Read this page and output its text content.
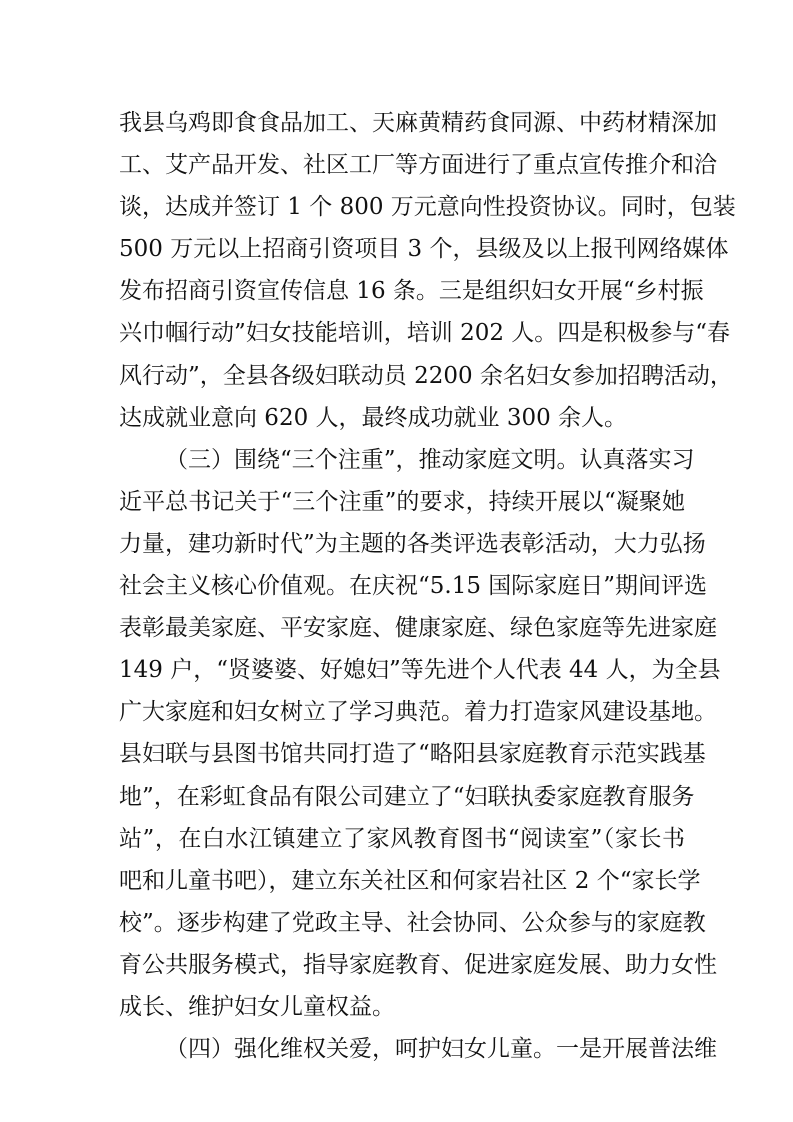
我县乌鸡即食食品加工、天麻黄精药食同源、中药材精深加
工、艾产品开发、社区工厂等方面进行了重点宣传推介和洽
谈，达成并签订 1 个 800 万元意向性投资协议。同时，包装
500 万元以上招商引资项目 3 个，县级及以上报刊网络媒体
发布招商引资宣传信息 16 条。三是组织妇女开展“乡村振
兴巾帼行动”妇女技能培训，培训 202 人。四是积极参与“春
风行动”，全县各级妇联动员 2200 余名妇女参加招聘活动，
达成就业意向 620 人，最终成功就业 300 余人。
（三）围绕“三个注重”，推动家庭文明。认真落实习
近平总书记关于“三个注重”的要求，持续开展以“凝聚她
力量，建功新时代”为主题的各类评选表彰活动，大力弘扬
社会主义核心价值观。在庆祝“5.15 国际家庭日”期间评选
表彰最美家庭、平安家庭、健康家庭、绿色家庭等先进家庭
149 户，“贤婆婆、好媳妇”等先进个人代表 44 人，为全县
广大家庭和妇女树立了学习典范。着力打造家风建设基地。
县妇联与县图书馆共同打造了“略阳县家庭教育示范实践基
地”，在彩虹食品有限公司建立了“妇联执委家庭教育服务
站”，在白水江镇建立了家风教育图书“阅读室”（家长书
吧和儿童书吧），建立东关社区和何家岩社区 2 个“家长学
校”。逐步构建了党政主导、社会协同、公众参与的家庭教
育公共服务模式，指导家庭教育、促进家庭发展、助力女性
成长、维护妇女儿童权益。
（四）强化维权关爱，呵护妇女儿童。一是开展普法维
